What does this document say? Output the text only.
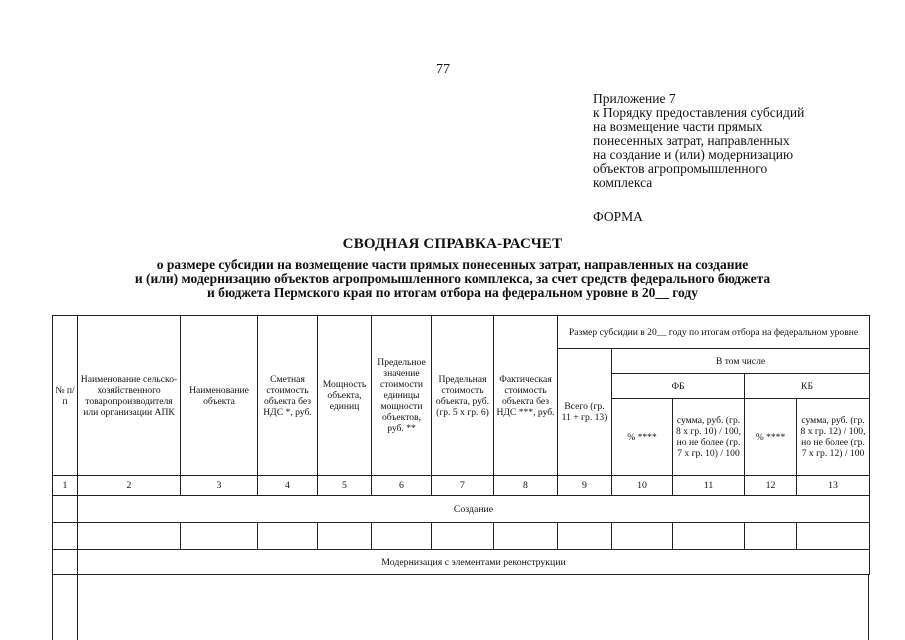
77
Приложение 7
к Порядку предоставления субсидий
на возмещение части прямых
понесенных затрат, направленных
на создание и (или) модернизацию
объектов агропромышленного
комплекса
ФОРМА
СВОДНАЯ СПРАВКА-РАСЧЕТ
о размере субсидии на возмещение части прямых понесенных затрат, направленных на создание
и (или) модернизацию объектов агропромышленного комплекса, за счет средств федерального бюджета
и бюджета Пермского края по итогам отбора на федеральном уровне в 20__ году
№ п/п	Наименование сельско-хозяйственного товаропроизводителя или организации АПК	Наименование объекта	Сметная стоимость объекта без НДС *, руб.	Мощность объекта, единиц	Предельное значение стоимости единицы мощности объектов, руб. **	Предельная стоимость объекта, руб. (гр. 5 x гр. 6)	Фактическая стоимость объекта без НДС ***, руб.	Размер субсидии в 20__ году по итогам отбора на федеральном уровне				
								Всего (гр. 11 + гр. 13)	В том числе			
									ФБ		КБ	
									% ****	сумма, руб. (гр. 8 x гр. 10) / 100, но не более (гр. 7 x гр. 10) / 100	% ****	сумма, руб. (гр. 8 x гр. 12) / 100, но не более (гр. 7 x гр. 12) / 100
1	2	3	4	5	6	7	8	9	10	11	12	13
	Создание											

	Модернизация с элементами реконструкции											
